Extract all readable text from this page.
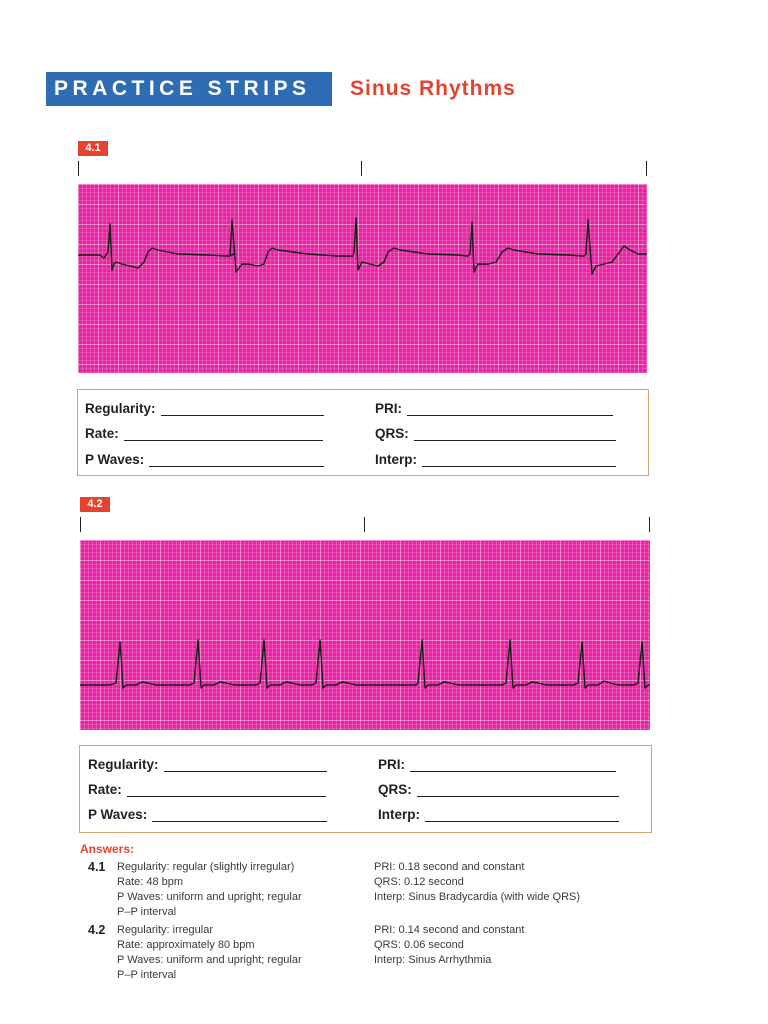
PRACTICE STRIPS	Sinus Rhythms
4.1
Regularity:
Rate:
P Waves:
PRI:
QRS:
Interp:
4.2
Regularity:
Rate:
P Waves:
PRI:
QRS:
Interp:
Answers:
4.1 Regularity: regular (slightly irregular)
Rate: 48 bpm
P Waves: uniform and upright; regular
P–P interval
PRI: 0.18 second and constant
QRS: 0.12 second
Interp: Sinus Bradycardia (with wide QRS)
4.2 Regularity: irregular
Rate: approximately 80 bpm
P Waves: uniform and upright; regular
P–P interval
PRI: 0.14 second and constant
QRS: 0.06 second
Interp: Sinus Arrhythmia
